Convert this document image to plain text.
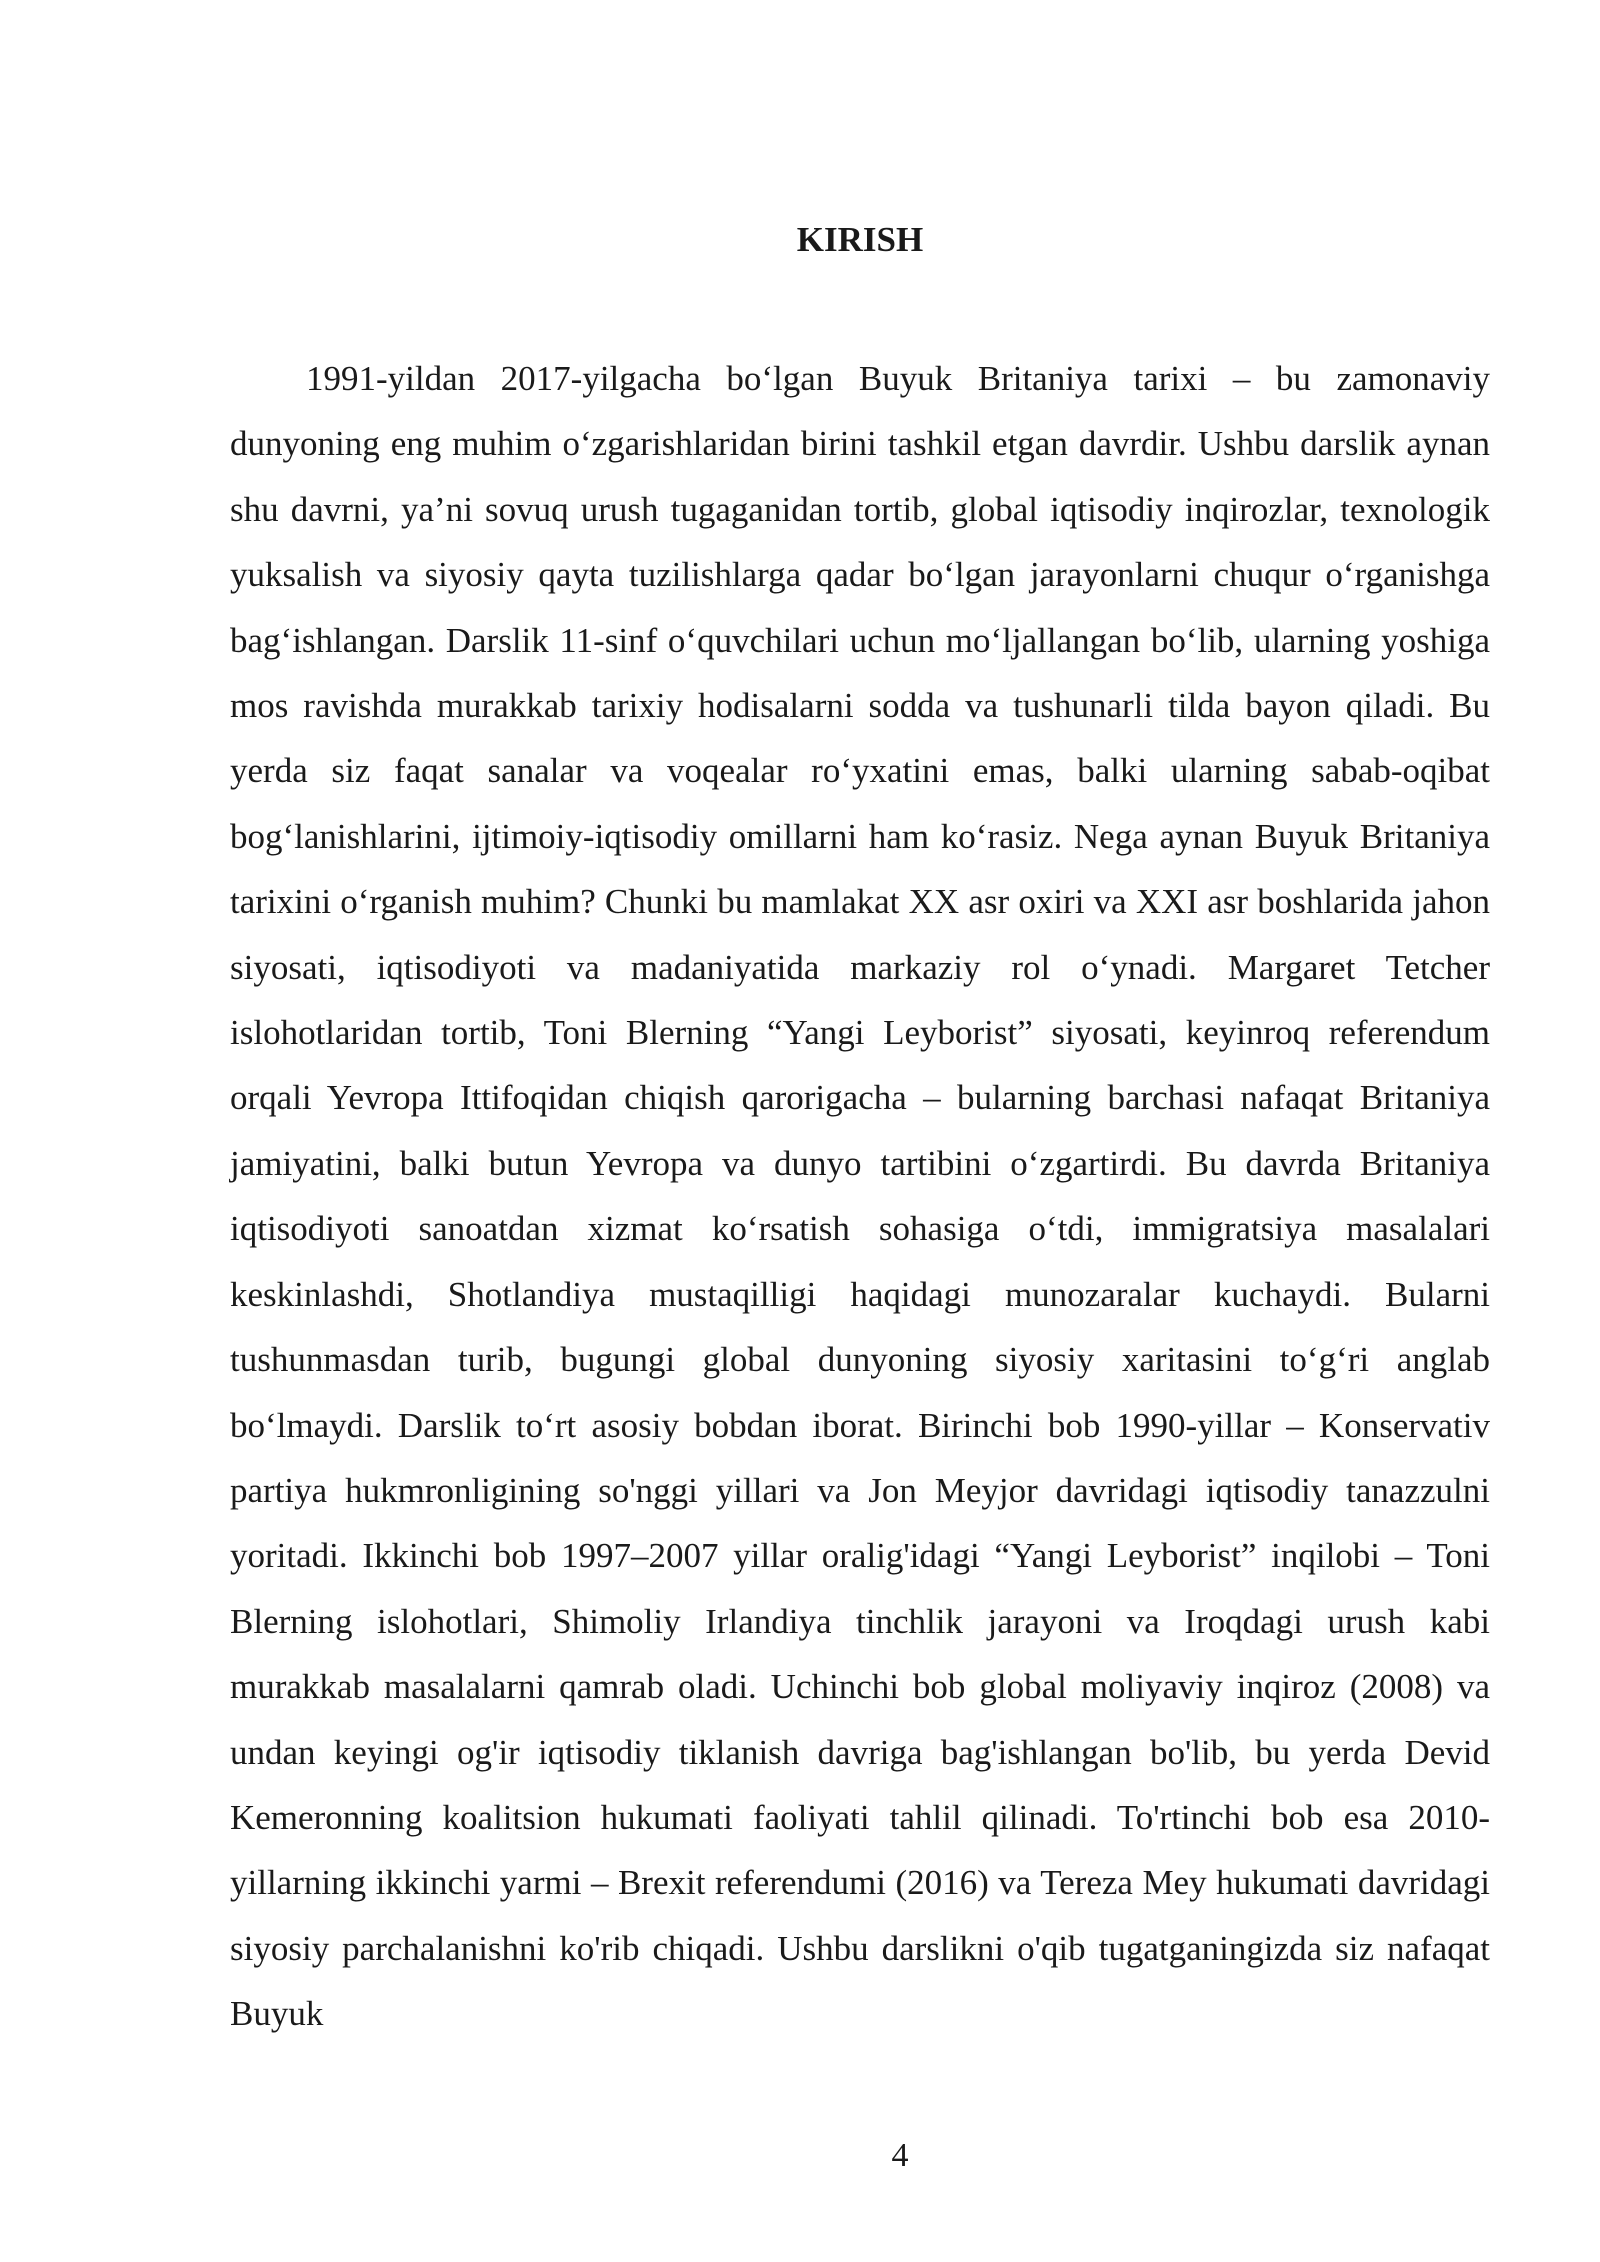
KIRISH

1991-yildan 2017-yilgacha bo‘lgan Buyuk Britaniya tarixi – bu zamonaviy dunyoning eng muhim o‘zgarishlaridan birini tashkil etgan davrdir. Ushbu darslik aynan shu davrni, ya’ni sovuq urush tugaganidan tortib, global iqtisodiy inqirozlar, texnologik yuksalish va siyosiy qayta tuzilishlarga qadar bo‘lgan jarayonlarni chuqur o‘rganishga bag‘ishlangan. Darslik 11-sinf o‘quvchilari uchun mo‘ljallangan bo‘lib, ularning yoshiga mos ravishda murakkab tarixiy hodisalarni sodda va tushunarli tilda bayon qiladi. Bu yerda siz faqat sanalar va voqealar ro‘yxatini emas, balki ularning sabab-oqibat bog‘lanishlarini, ijtimoiy-iqtisodiy omillarni ham ko‘rasiz. Nega aynan Buyuk Britaniya tarixini o‘rganish muhim? Chunki bu mamlakat XX asr oxiri va XXI asr boshlarida jahon siyosati, iqtisodiyoti va madaniyatida markaziy rol o‘ynadi. Margaret Tetcher islohotlaridan tortib, Toni Blerning “Yangi Leyborist” siyosati, keyinroq referendum orqali Yevropa Ittifoqidan chiqish qarorigacha – bularning barchasi nafaqat Britaniya jamiyatini, balki butun Yevropa va dunyo tartibini o‘zgartirdi. Bu davrda Britaniya iqtisodiyoti sanoatdan xizmat ko‘rsatish sohasiga o‘tdi, immigratsiya masalalari keskinlashdi, Shotlandiya mustaqilligi haqidagi munozaralar kuchaydi. Bularni tushunmasdan turib, bugungi global dunyoning siyosiy xaritasini to‘g‘ri anglab bo‘lmaydi. Darslik to‘rt asosiy bobdan iborat. Birinchi bob 1990-yillar – Konservativ partiya hukmronligining so'nggi yillari va Jon Meyjor davridagi iqtisodiy tanazzulni yoritadi. Ikkinchi bob 1997–2007 yillar oralig'idagi “Yangi Leyborist” inqilobi – Toni Blerning islohotlari, Shimoliy Irlandiya tinchlik jarayoni va Iroqdagi urush kabi murakkab masalalarni qamrab oladi. Uchinchi bob global moliyaviy inqiroz (2008) va undan keyingi og'ir iqtisodiy tiklanish davriga bag'ishlangan bo'lib, bu yerda Devid Kemeronning koalitsion hukumati faoliyati tahlil qilinadi. To'rtinchi bob esa 2010-yillarning ikkinchi yarmi – Brexit referendumi (2016) va Tereza Mey hukumati davridagi siyosiy parchalanishni ko'rib chiqadi. Ushbu darslikni o'qib tugatganingizda siz nafaqat Buyuk

4
